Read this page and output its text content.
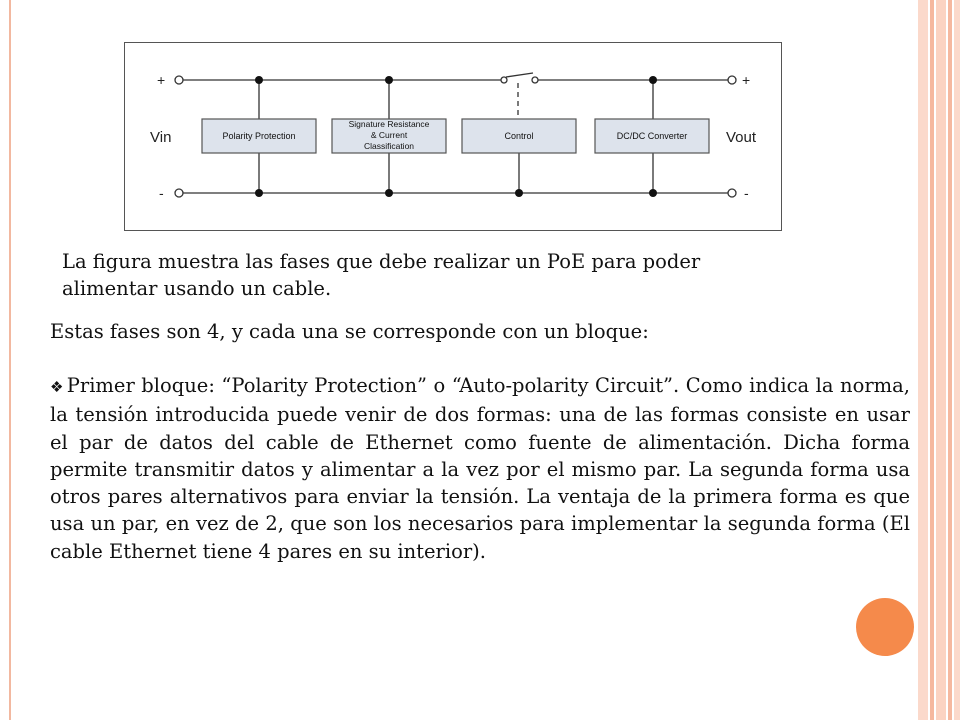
+
-
+
-
Vin	Vout
Polarity Protection
Signature Resistance
& Current
Classification
Control	DC/DC Converter
La figura muestra las fases que debe realizar un PoE para poder alimentar usando un cable.
Estas fases son 4, y cada una se corresponde con un bloque:
❖ Primer bloque: “Polarity Protection” o “Auto-polarity Circuit”. Como indica la norma, la tensión introducida puede venir de dos formas: una de las formas consiste en usar el par de datos del cable de Ethernet como fuente de alimentación. Dicha forma permite transmitir datos y alimentar a la vez por el mismo par. La segunda forma usa otros pares alternativos para enviar la tensión. La ventaja de la primera forma es que usa un par, en vez de 2, que son los necesarios para implementar la segunda forma (El cable Ethernet tiene 4 pares en su interior).
